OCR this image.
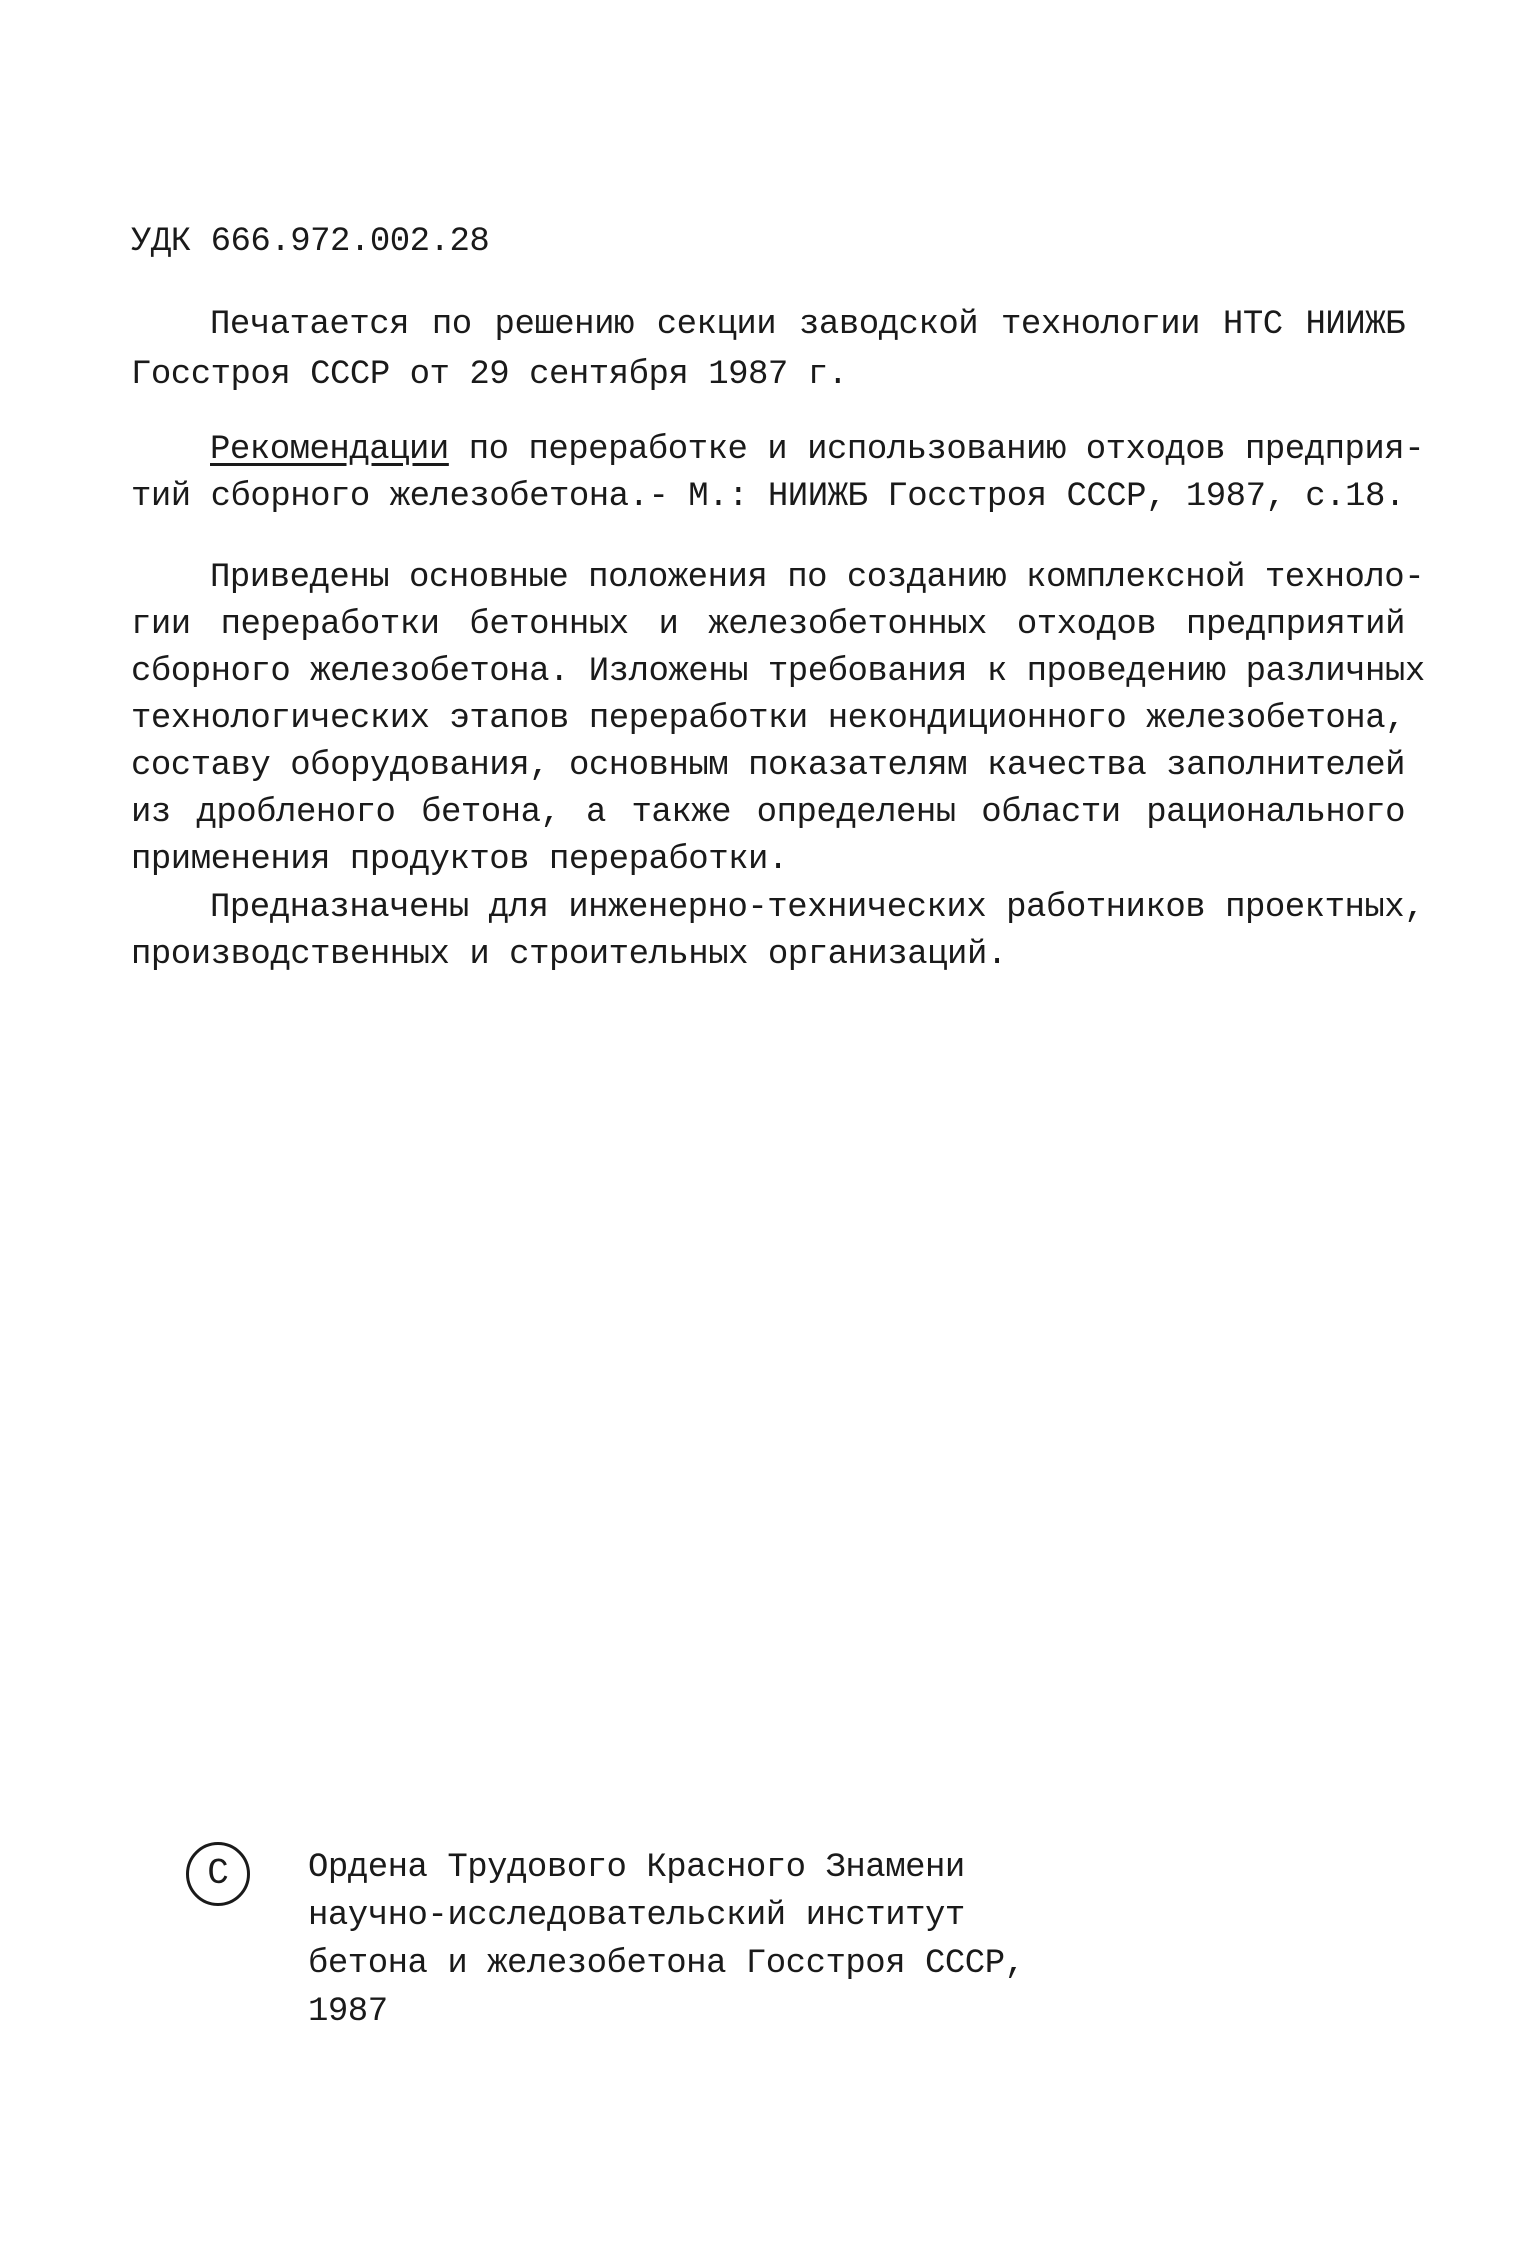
УДК 666.972.002.28
Печатается по решению секции заводской технологии НТС НИИЖБ
Госстроя СССР от 29 сентября 1987 г.
Рекомендации по переработке и использованию отходов предприя-
тий сборного железобетона.- М.: НИИЖБ Госстроя СССР, 1987, с.18.
Приведены основные положения по созданию комплексной техноло-
гии переработки бетонных и железобетонных отходов предприятий
сборного железобетона. Изложены требования к проведению различных
технологических этапов переработки некондиционного железобетона,
составу оборудования, основным показателям качества заполнителей
из дробленого бетона, а также определены области рационального
применения продуктов переработки.
Предназначены для инженерно-технических работников проектных,
производственных и строительных организаций.
C	Ордена Трудового Красного Знамени
научно-исследовательский институт
бетона и железобетона Госстроя СССР,
1987
